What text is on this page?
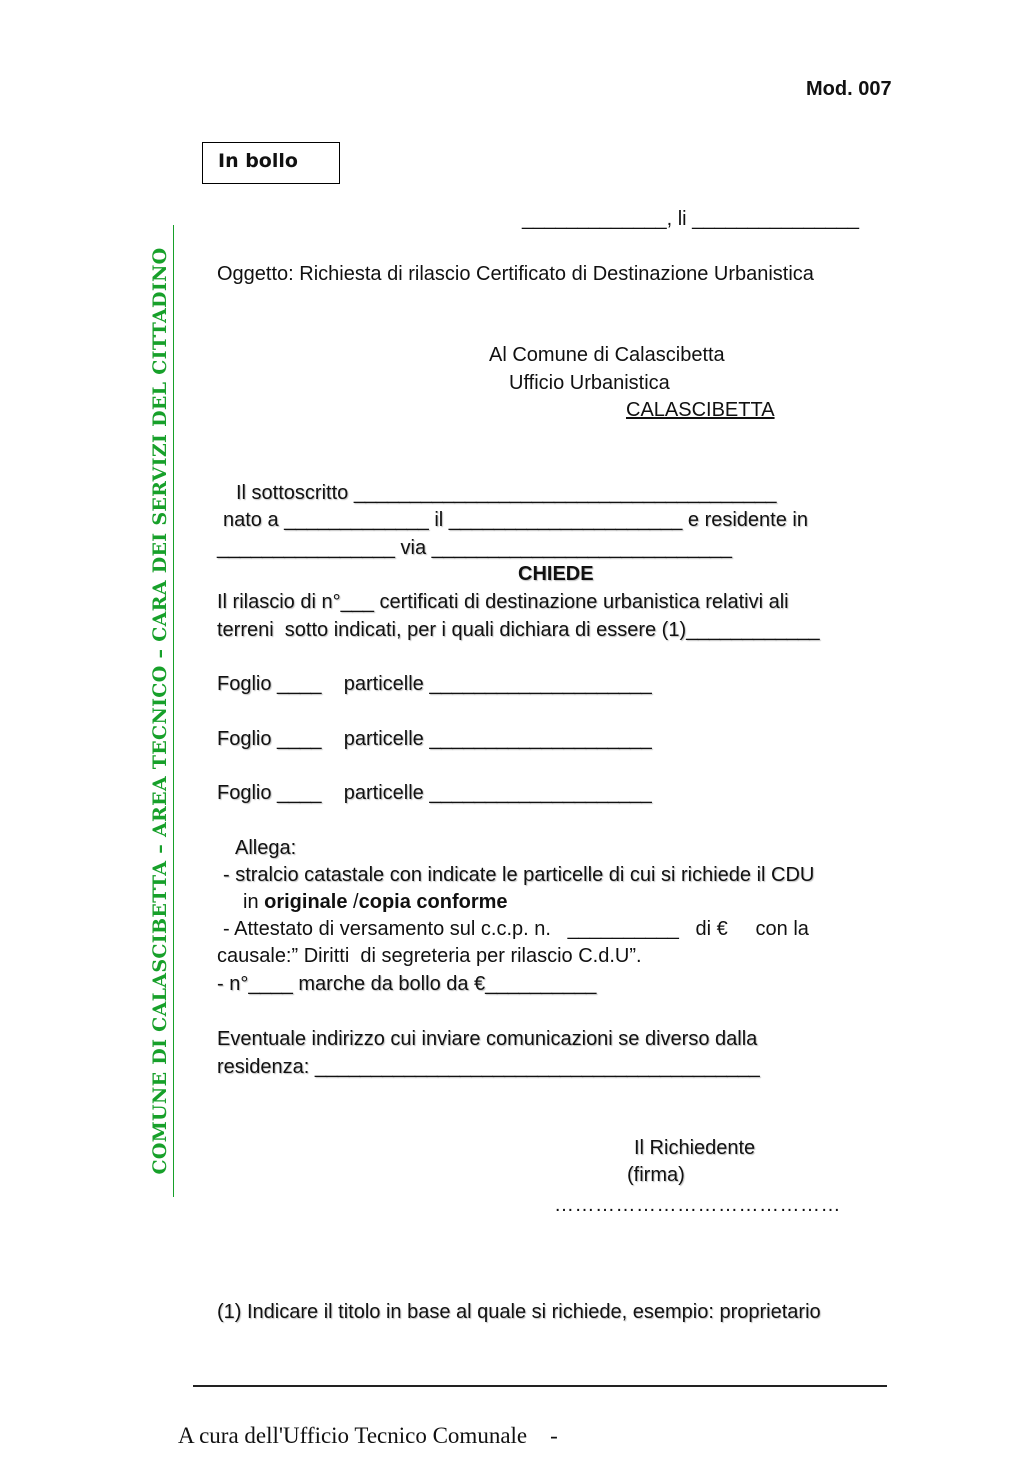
Mod. 007
In bollo
COMUNE DI CALASCIBETTA – AREA TECNICO – CARA DEI SERVIZI DEL CITTADINO
_____________, li _______________
Oggetto: Richiesta di rilascio Certificato di Destinazione Urbanistica
Al Comune di Calascibetta
Ufficio Urbanistica
CALASCIBETTA
Il sottoscritto ______________________________________
nato a _____________ il _____________________ e residente in
________________ via ___________________________
CHIEDE
Il rilascio di n°___ certificati di destinazione urbanistica relativi ali
terreni  sotto indicati, per i quali dichiara di essere (1)____________
Foglio ____    particelle ____________________
Foglio ____    particelle ____________________
Foglio ____    particelle ____________________
Allega:
- stralcio catastale con indicate le particelle di cui si richiede il CDU
in originale /copia conforme
- Attestato di versamento sul c.c.p. n.   __________   di €     con la
causale:” Diritti  di segreteria per rilascio C.d.U”.
- n°____ marche da bollo da €__________
Eventuale indirizzo cui inviare comunicazioni se diverso dalla
residenza: ________________________________________
Il Richiedente
(firma)
……………………………………
(1) Indicare il titolo in base al quale si richiede, esempio: proprietario
A cura dell'Ufficio Tecnico Comunale    -
